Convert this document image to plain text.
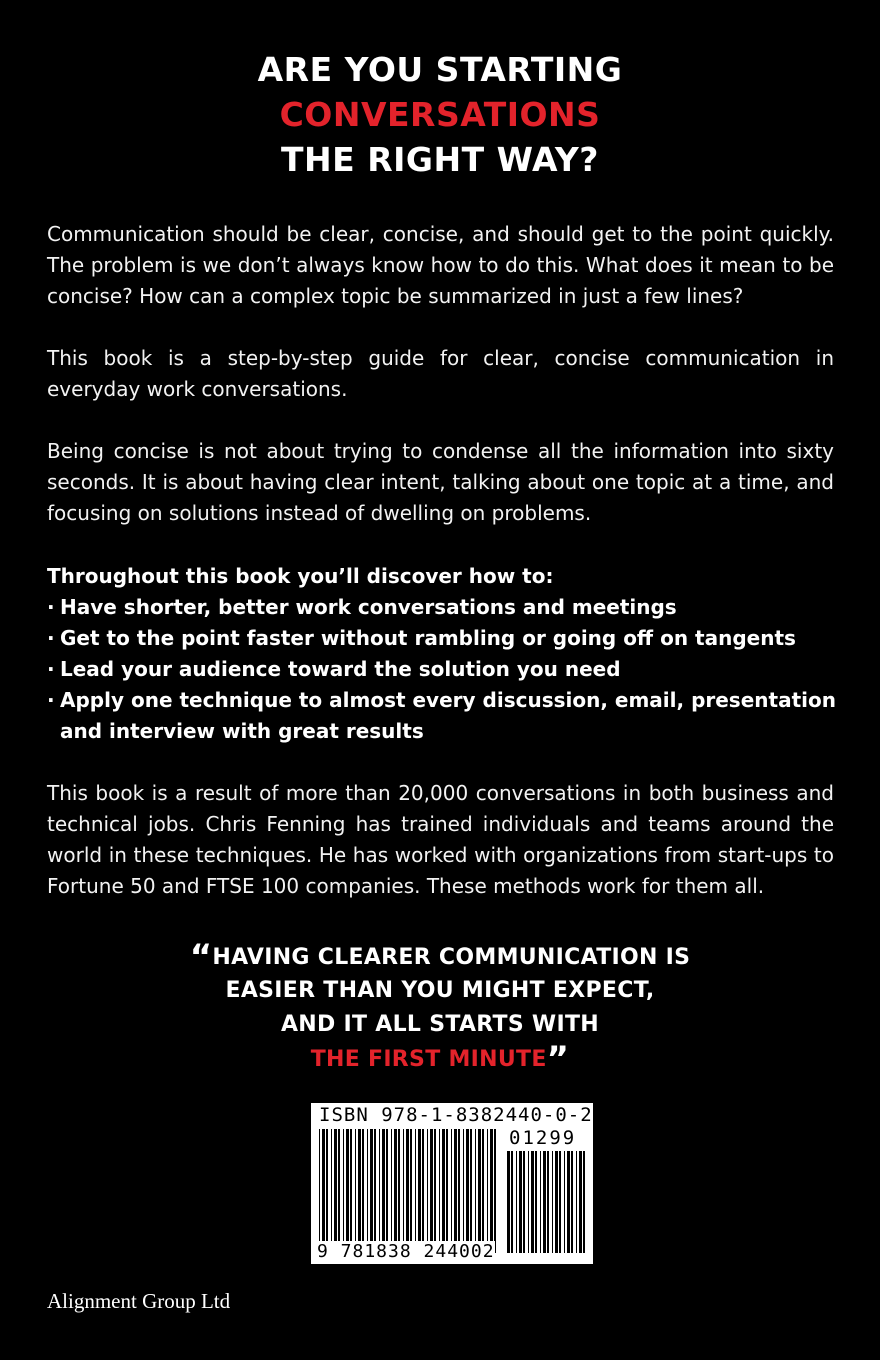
ARE YOU STARTING
CONVERSATIONS
THE RIGHT WAY?

Communication should be clear, concise, and should get to the point quickly. The problem is we don’t always know how to do this. What does it mean to be concise? How can a complex topic be summarized in just a few lines?

This book is a step-by-step guide for clear, concise communication in everyday work conversations.

Being concise is not about trying to condense all the information into sixty seconds. It is about having clear intent, talking about one topic at a time, and focusing on solutions instead of dwelling on problems.

Throughout this book you’ll discover how to:

· Have shorter, better work conversations and meetings
· Get to the point faster without rambling or going off on tangents
· Lead your audience toward the solution you need
· Apply one technique to almost every discussion, email, presentation and interview with great results

This book is a result of more than 20,000 conversations in both business and technical jobs. Chris Fenning has trained individuals and teams around the world in these techniques. He has worked with organizations from start-ups to Fortune 50 and FTSE 100 companies. These methods work for them all.

“HAVING CLEARER COMMUNICATION IS

EASIER THAN YOU MIGHT EXPECT,

AND IT ALL STARTS WITH

THE FIRST MINUTE”

ISBN 978-1-8382440-0-2
01299
9 781838 244002

Alignment Group Ltd
